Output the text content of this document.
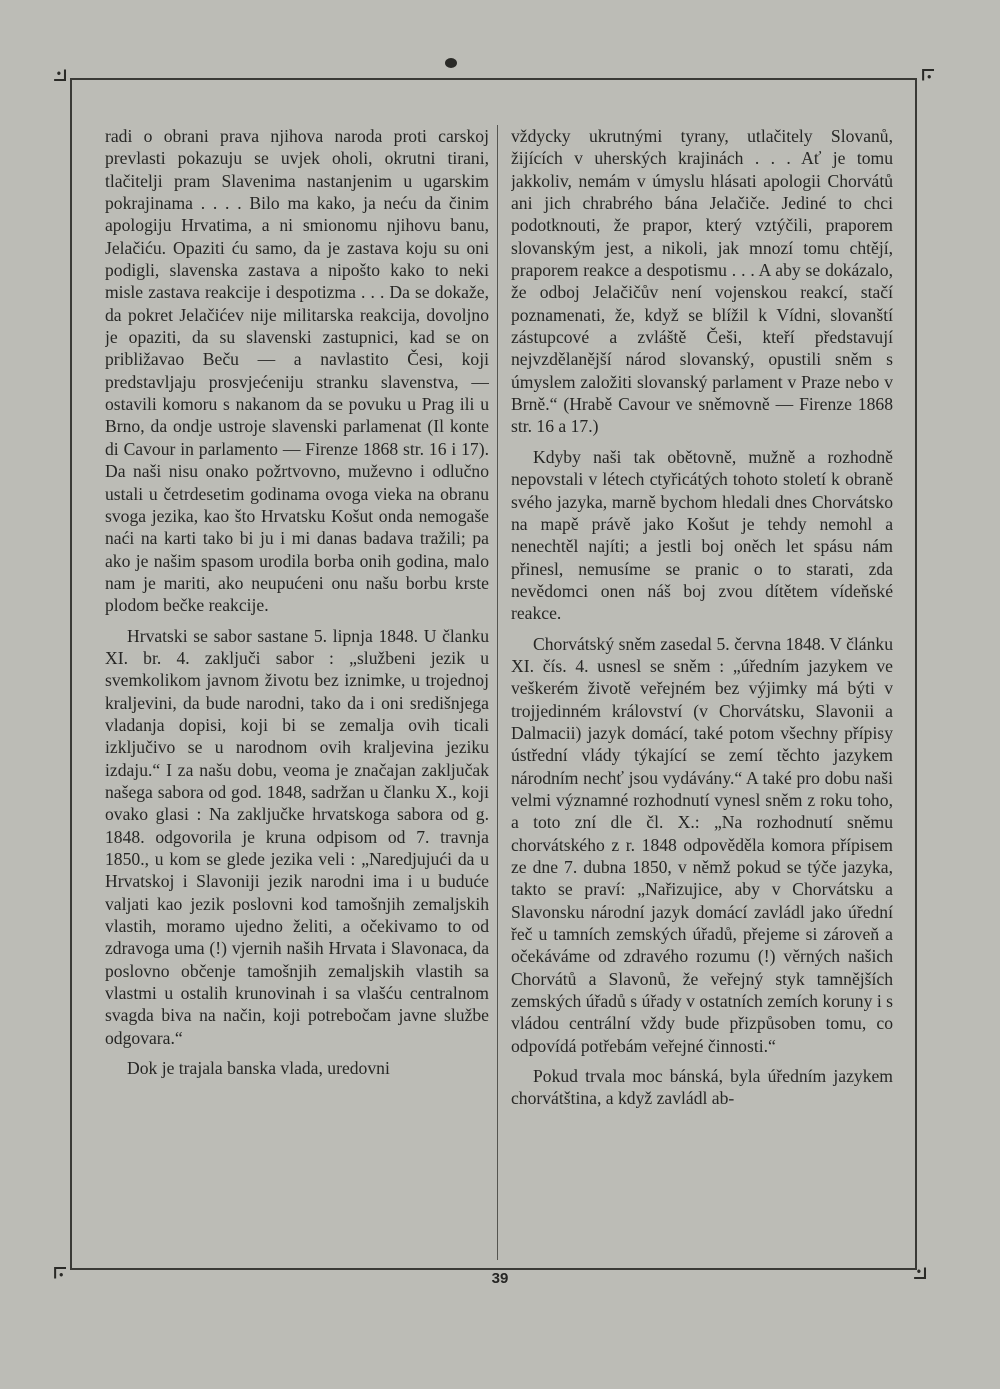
⟓	⟔
⟔	⟓

radi o obrani prava njihova naroda proti carskoj prevlasti pokazuju se uvjek oholi, okrutni tirani, tlačitelji pram Slavenima nastanjenim u ugarskim pokrajinama . . . . Bilo ma kako, ja neću da činim apologiju Hrvatima, a ni smionomu njihovu banu, Jelačiću. Opaziti ću samo, da je zastava koju su oni podigli, slavenska zastava a nipošto kako to neki misle zastava reakcije i despotizma . . . Da se dokaže, da pokret Jelačićev nije militarska reakcija, dovoljno je opaziti, da su slavenski zastupnici, kad se on približavao Beču — a navlastito Česi, koji predstavljaju prosvjećeniju stranku slavenstva, — ostavili komoru s nakanom da se povuku u Prag ili u Brno, da ondje ustroje slavenski parlamenat (Il konte di Cavour in parlamento — Firenze 1868 str. 16 i 17). Da naši nisu onako požrtvovno, muževno i odlučno ustali u četrdesetim godinama ovoga vieka na obranu svoga jezika, kao što Hrvatsku Košut onda nemogaše naći na karti tako bi ju i mi danas badava tražili; pa ako je našim spasom urodila borba onih godina, malo nam je mariti, ako neupućeni onu našu borbu krste plodom bečke reakcije.

Hrvatski se sabor sastane 5. lipnja 1848. U članku XI. br. 4. zaključi sabor : „službeni jezik u svemkolikom javnom životu bez iznimke, u trojednoj kraljevini, da bude narodni, tako da i oni središnjega vladanja dopisi, koji bi se zemalja ovih ticali izključivo se u narodnom ovih kraljevina jeziku izdaju.“ I za našu dobu, veoma je značajan zaključak našega sabora od god. 1848, sadržan u članku X., koji ovako glasi : Na zaključke hrvatskoga sabora od g. 1848. odgovorila je kruna odpisom od 7. travnja 1850., u kom se glede jezika veli : „Naredjujući da u Hrvatskoj i Slavoniji jezik narodni ima i u buduće valjati kao jezik poslovni kod tamošnjih zemaljskih vlastih, moramo ujedno želiti, a očekivamo to od zdravoga uma (!) vjernih naših Hrvata i Slavonaca, da poslovno občenje tamošnjih zemaljskih vlastih sa vlastmi u ostalih krunovinah i sa vlašću centralnom svagda biva na način, koji potrebočam javne službe odgovara.“

Dok je trajala banska vlada, uredovni

vždycky ukrutnými tyrany, utlačitely Slovanů, žijících v uherských krajinách . . . Ať je tomu jakkoliv, nemám v úmyslu hlásati apologii Chorvátů ani jich chrabrého bána Jelačiče. Jediné to chci podotknouti, že prapor, který vztýčili, praporem slovanským jest, a nikoli, jak mnozí tomu chtějí, praporem reakce a despotismu . . . A aby se dokázalo, že odboj Jelačičův není vojenskou reakcí, stačí poznamenati, že, když se blížil k Vídni, slovanští zástupcové a zvláště Češi, kteří představují nejvzdělanější národ slovanský, opustili sněm s úmyslem založiti slovanský parlament v Praze nebo v Brně.“ (Hrabě Cavour ve sněmovně — Firenze 1868 str. 16 a 17.)

Kdyby naši tak obětovně, mužně a rozhodně nepovstali v létech ctyřicátých tohoto století k obraně svého jazyka, marně bychom hledali dnes Chorvátsko na mapě právě jako Košut je tehdy nemohl a nenechtěl najíti; a jestli boj oněch let spásu nám přinesl, nemusíme se pranic o to starati, zda nevědomci onen náš boj zvou dítětem vídeňské reakce.

Chorvátský sněm zasedal 5. června 1848. V článku XI. čís. 4. usnesl se sněm : „úředním jazykem ve veškerém životě veřejném bez výjimky má býti v trojjedinném království (v Chorvátsku, Slavonii a Dalmacii) jazyk domácí, také potom všechny přípisy ústřední vlády týkající se zemí těchto jazykem národním nechť jsou vydávány.“ A také pro dobu naši velmi významné rozhodnutí vynesl sněm z roku toho, a toto zní dle čl. X.: „Na rozhodnutí sněmu chorvátského z r. 1848 odpověděla komora přípisem ze dne 7. dubna 1850, v němž pokud se týče jazyka, takto se praví: „Nařizujice, aby v Chorvátsku a Slavonsku národní jazyk domácí zavládl jako úřední řeč u tamních zemských úřadů, přejeme si zároveň a očekáváme od zdravého rozumu (!) věrných našich Chorvátů a Slavonů, že veřejný styk tamnějších zemských úřadů s úřady v ostatních zemích koruny i s vládou centrální vždy bude přizpůsoben tomu, co odpovídá potřebám veřejné činnosti.“

Pokud trvala moc bánská, byla úředním jazykem chorvátština, a když zavládl ab-

39
